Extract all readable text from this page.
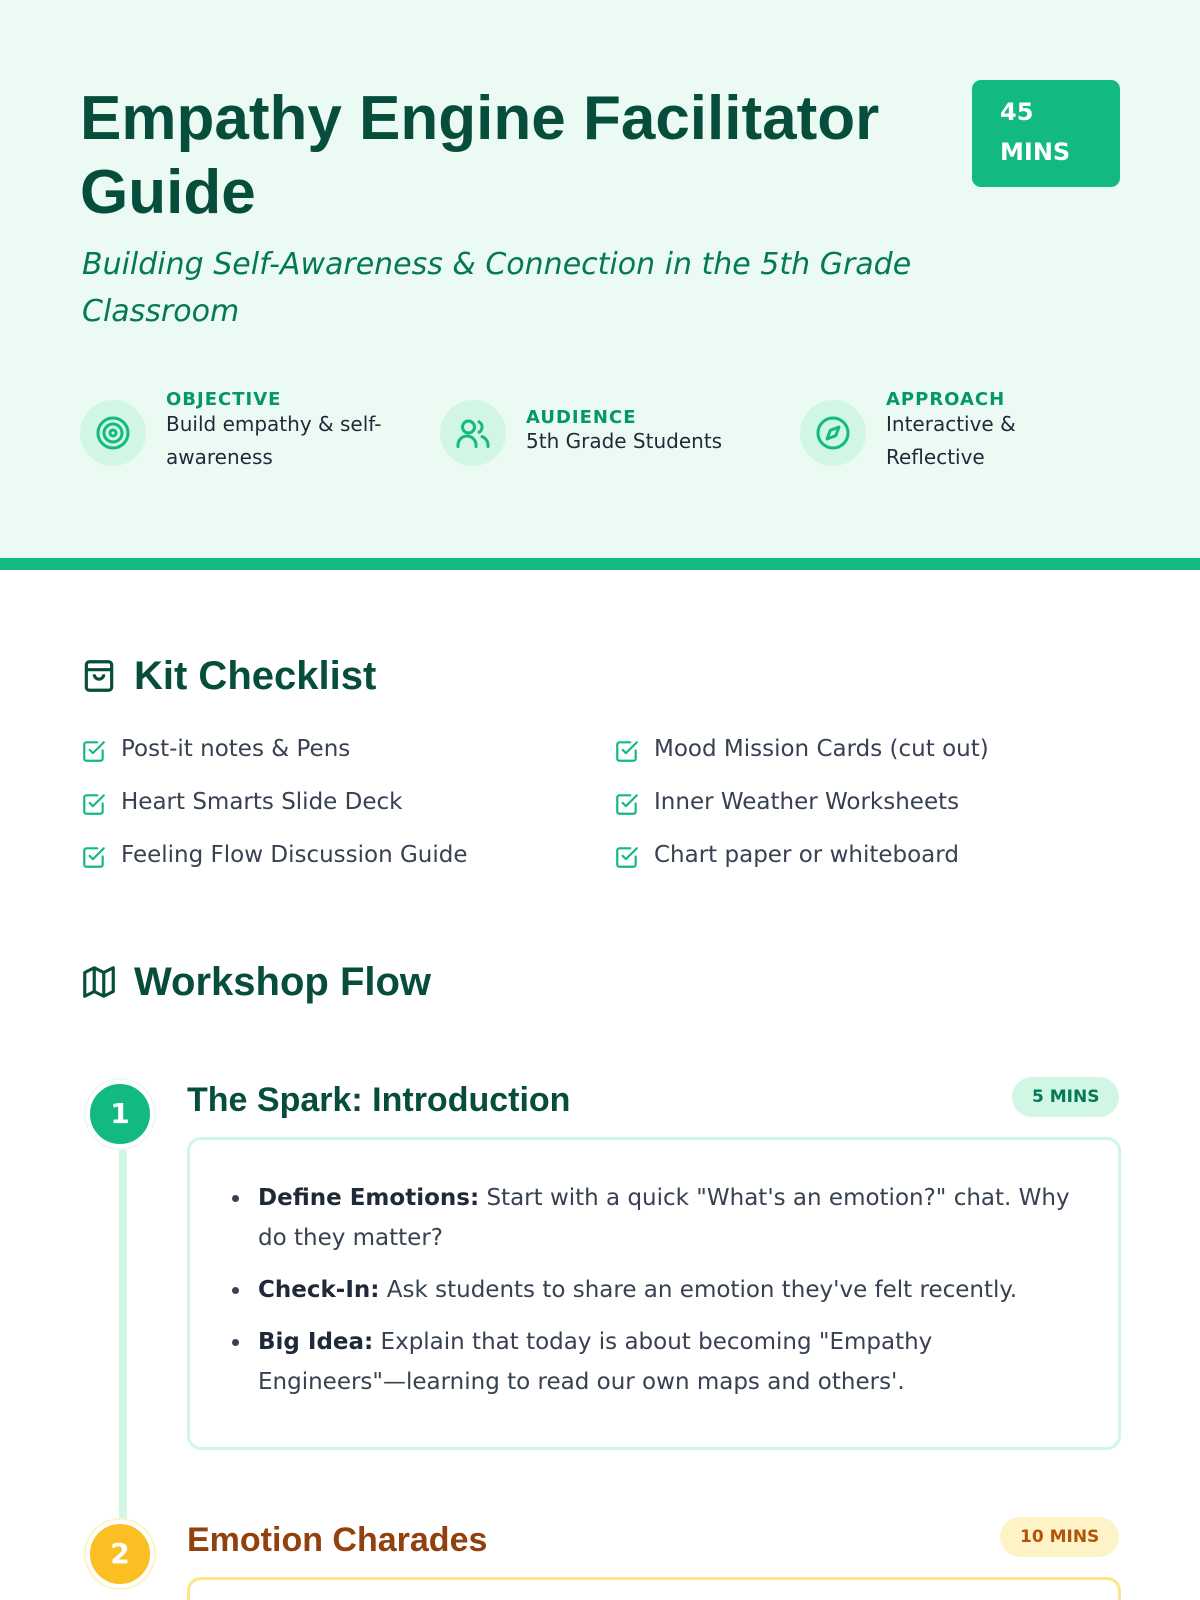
Empathy Engine Facilitator Guide
45
MINS

Building Self-Awareness & Connection in the 5th Grade Classroom

OBJECTIVE
Build empathy & self-awareness
AUDIENCE
5th Grade Students
APPROACH
Interactive & Reflective
Kit Checklist
Post-it notes & Pens
Heart Smarts Slide Deck
Feeling Flow Discussion Guide
Mood Mission Cards (cut out)
Inner Weather Worksheets
Chart paper or whiteboard
Workshop Flow
1	The Spark: Introduction	5 MINS
Define Emotions: Start with a quick "What's an emotion?" chat. Why do they matter?
Check-In: Ask students to share an emotion they've felt recently.
Big Idea: Explain that today is about becoming "Empathy Engineers"—learning to read our own maps and others'.
2	Emotion Charades	10 MINS
